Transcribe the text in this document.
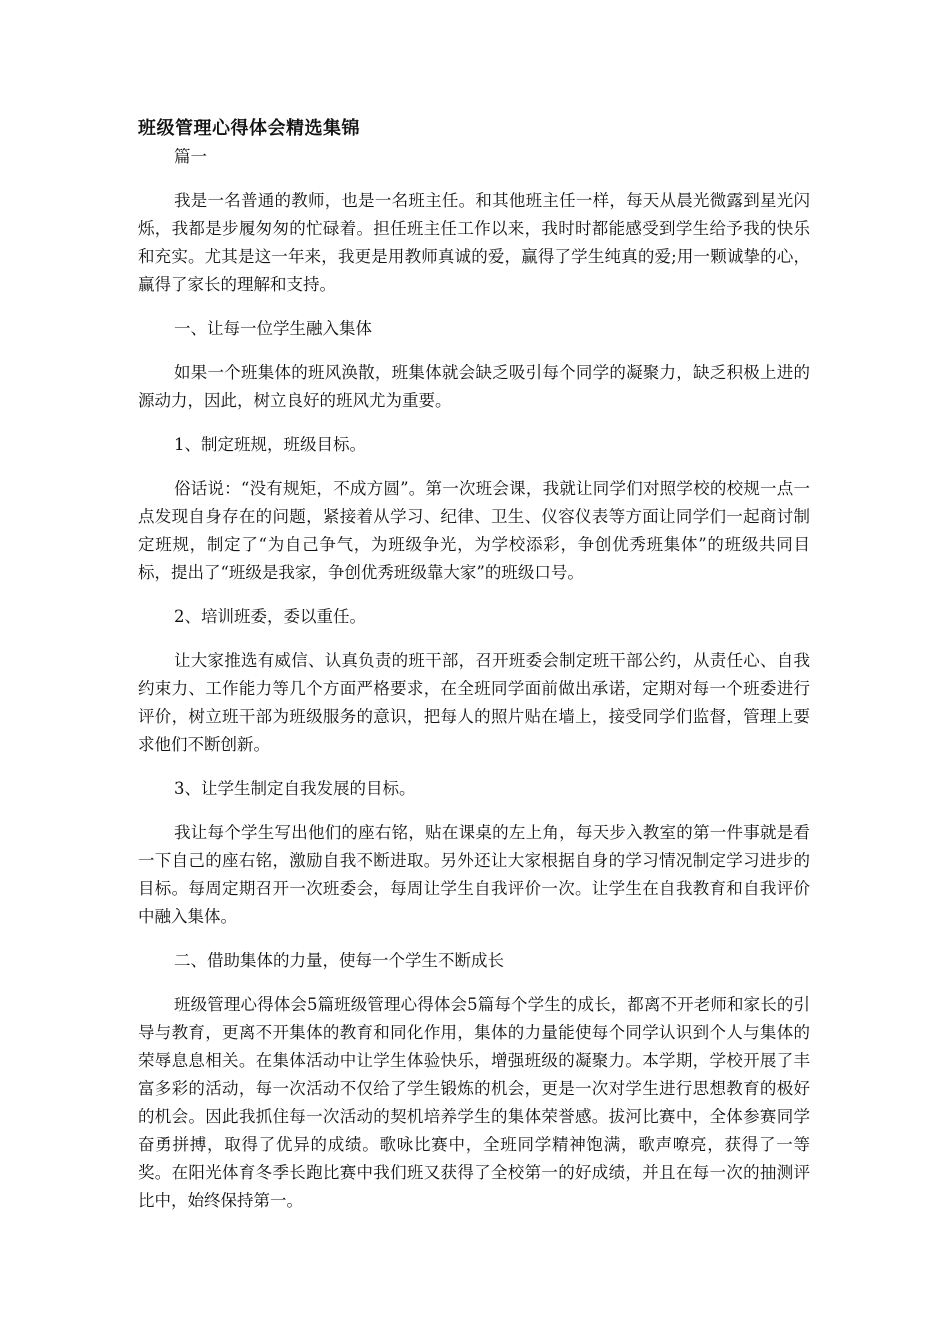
班级管理心得体会精选集锦
篇一

我是一名普通的教师，也是一名班主任。和其他班主任一样，每天从晨光微露到星光闪烁，我都是步履匆匆的忙碌着。担任班主任工作以来，我时时都能感受到学生给予我的快乐和充实。尤其是这一年来，我更是用教师真诚的爱，赢得了学生纯真的爱;用一颗诚挚的心，赢得了家长的理解和支持。

一、让每一位学生融入集体

如果一个班集体的班风涣散，班集体就会缺乏吸引每个同学的凝聚力，缺乏积极上进的源动力，因此，树立良好的班风尤为重要。

1、制定班规，班级目标。

俗话说：“没有规矩，不成方圆”。第一次班会课，我就让同学们对照学校的校规一点一点发现自身存在的问题，紧接着从学习、纪律、卫生、仪容仪表等方面让同学们一起商讨制定班规，制定了“为自己争气，为班级争光，为学校添彩，争创优秀班集体”的班级共同目标，提出了“班级是我家，争创优秀班级靠大家”的班级口号。

2、培训班委，委以重任。

让大家推选有威信、认真负责的班干部，召开班委会制定班干部公约，从责任心、自我约束力、工作能力等几个方面严格要求，在全班同学面前做出承诺，定期对每一个班委进行评价，树立班干部为班级服务的意识，把每人的照片贴在墙上，接受同学们监督，管理上要求他们不断创新。

3、让学生制定自我发展的目标。

我让每个学生写出他们的座右铭，贴在课桌的左上角，每天步入教室的第一件事就是看一下自己的座右铭，激励自我不断进取。另外还让大家根据自身的学习情况制定学习进步的目标。每周定期召开一次班委会，每周让学生自我评价一次。让学生在自我教育和自我评价中融入集体。

二、借助集体的力量，使每一个学生不断成长

班级管理心得体会5篇班级管理心得体会5篇每个学生的成长，都离不开老师和家长的引导与教育，更离不开集体的教育和同化作用，集体的力量能使每个同学认识到个人与集体的荣辱息息相关。在集体活动中让学生体验快乐，增强班级的凝聚力。本学期，学校开展了丰富多彩的活动，每一次活动不仅给了学生锻炼的机会，更是一次对学生进行思想教育的极好的机会。因此我抓住每一次活动的契机培养学生的集体荣誉感。拔河比赛中，全体参赛同学奋勇拼搏，取得了优异的成绩。歌咏比赛中，全班同学精神饱满，歌声嘹亮，获得了一等奖。在阳光体育冬季长跑比赛中我们班又获得了全校第一的好成绩，并且在每一次的抽测评比中，始终保持第一。
